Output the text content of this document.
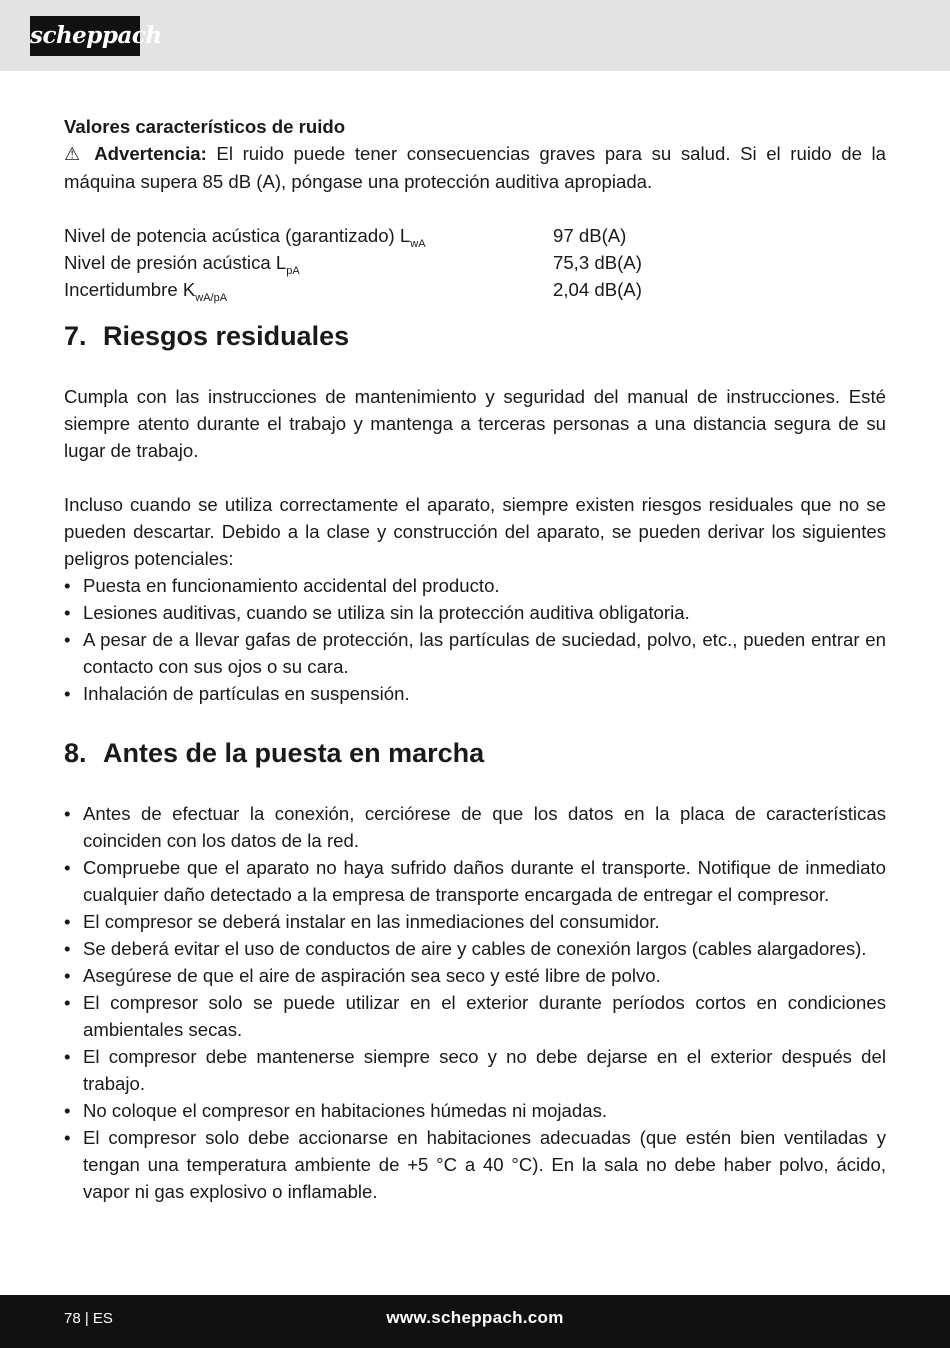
scheppach

Valores característicos de ruido

⚠ Advertencia: El ruido puede tener consecuencias graves para su salud. Si el ruido de la máquina supera 85 dB (A), póngase una protección auditiva apropiada.

Nivel de potencia acústica (garantizado) $L_{wA}$	97 dB(A)
Nivel de presión acústica $L_{pA}$	75,3 dB(A)
Incertidumbre $K_{wA/pA}$	2,04 dB(A)
7. Riesgos residuales

Cumpla con las instrucciones de mantenimiento y seguridad del manual de instrucciones. Esté siempre atento durante el trabajo y mantenga a terceras personas a una distancia segura de su lugar de trabajo.

Incluso cuando se utiliza correctamente el aparato, siempre existen riesgos residuales que no se pueden descartar. Debido a la clase y construcción del aparato, se pueden derivar los siguientes peligros potenciales:

• Puesta en funcionamiento accidental del producto.
• Lesiones auditivas, cuando se utiliza sin la protección auditiva obligatoria.
• A pesar de a llevar gafas de protección, las partículas de suciedad, polvo, etc., pueden entrar en contacto con sus ojos o su cara.
• Inhalación de partículas en suspensión.
8. Antes de la puesta en marcha
• Antes de efectuar la conexión, cerciórese de que los datos en la placa de características coinciden con los datos de la red.
• Compruebe que el aparato no haya sufrido daños durante el transporte. Notifique de inmediato cualquier daño detectado a la empresa de transporte encargada de entregar el compresor.
• El compresor se deberá instalar en las inmediaciones del consumidor.
• Se deberá evitar el uso de conductos de aire y cables de conexión largos (cables alargadores).
• Asegúrese de que el aire de aspiración sea seco y esté libre de polvo.
• El compresor solo se puede utilizar en el exterior durante períodos cortos en condiciones ambientales secas.
• El compresor debe mantenerse siempre seco y no debe dejarse en el exterior después del trabajo.
• No coloque el compresor en habitaciones húmedas ni mojadas.
• El compresor solo debe accionarse en habitaciones adecuadas (que estén bien ventiladas y tengan una temperatura ambiente de +5 °C a 40 °C). En la sala no debe haber polvo, ácido, vapor ni gas explosivo o inflamable.
78 | ES	www.scheppach.com
